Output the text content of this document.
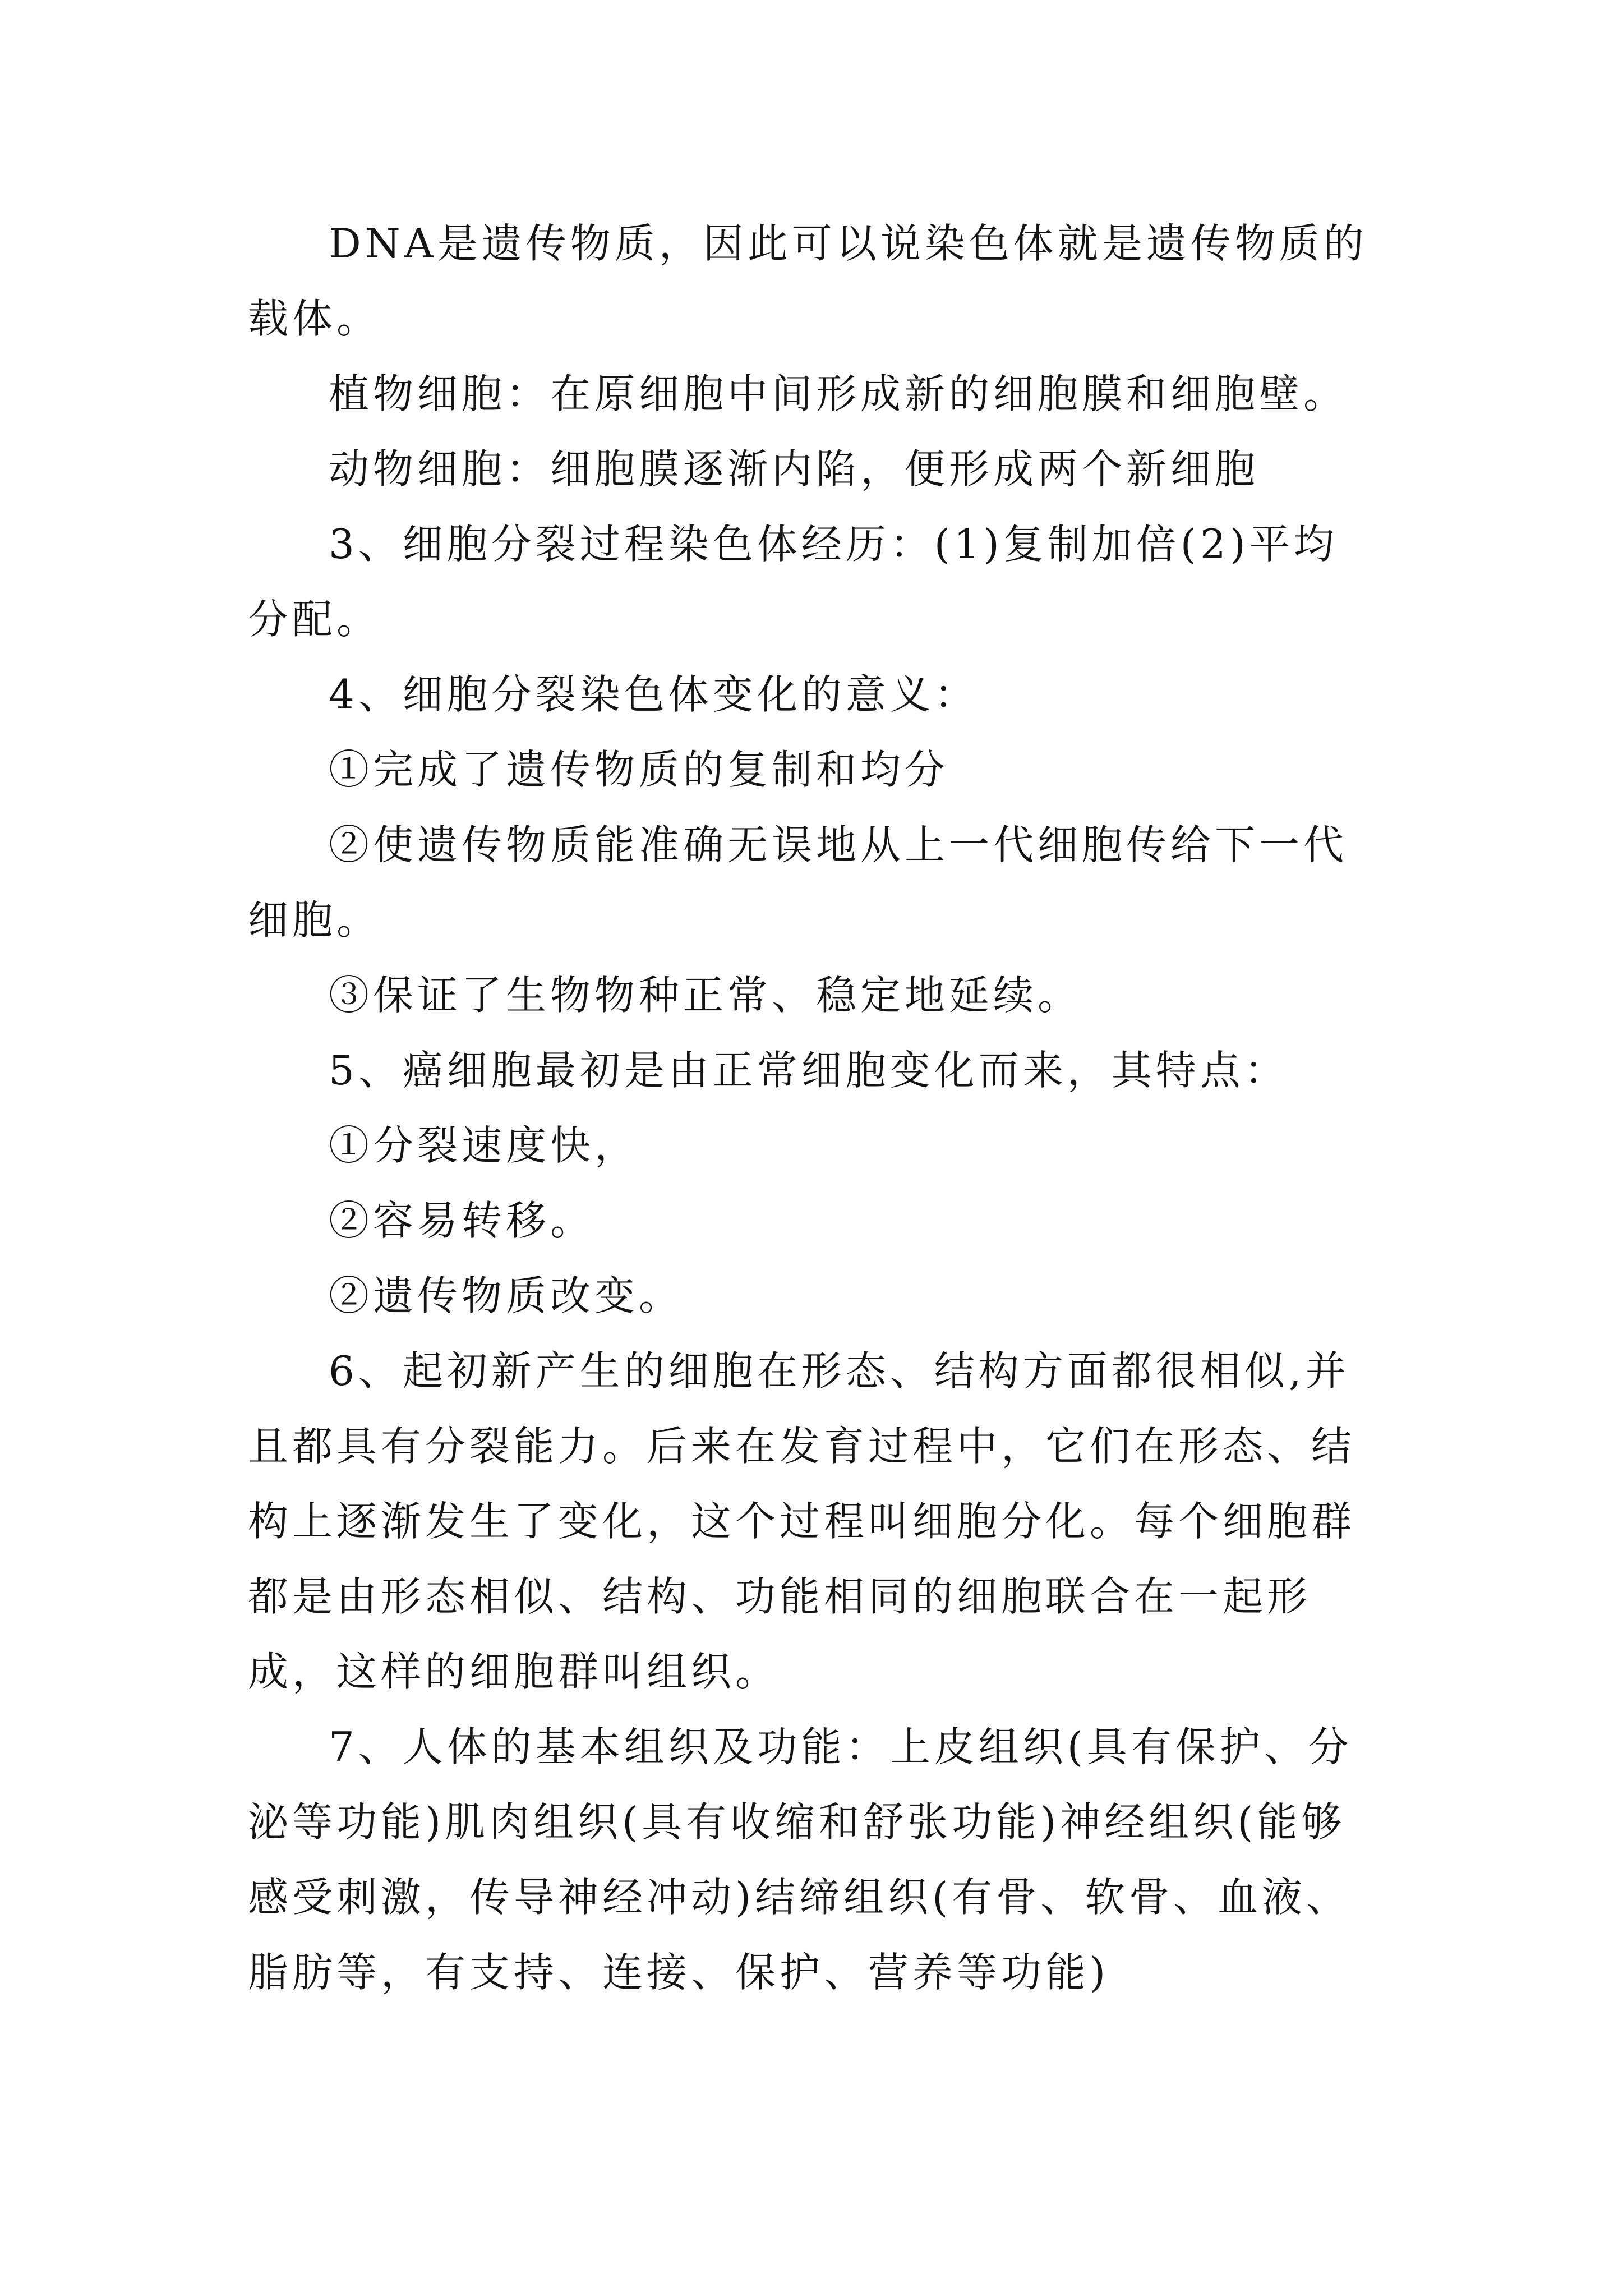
DNA是遗传物质，因此可以说染色体就是遗传物质的载体。

植物细胞：在原细胞中间形成新的细胞膜和细胞壁。

动物细胞：细胞膜逐渐内陷，便形成两个新细胞

3、细胞分裂过程染色体经历：(1)复制加倍(2)平均分配。

4、细胞分裂染色体变化的意义：

①完成了遗传物质的复制和均分

②使遗传物质能准确无误地从上一代细胞传给下一代细胞。

③保证了生物物种正常、稳定地延续。

5、癌细胞最初是由正常细胞变化而来，其特点：

①分裂速度快，

②容易转移。

②遗传物质改变。

6、起初新产生的细胞在形态、结构方面都很相似,并且都具有分裂能力。后来在发育过程中，它们在形态、结构上逐渐发生了变化，这个过程叫细胞分化。每个细胞群都是由形态相似、结构、功能相同的细胞联合在一起形成，这样的细胞群叫组织。

7、人体的基本组织及功能：上皮组织(具有保护、分泌等功能)肌肉组织(具有收缩和舒张功能)神经组织(能够感受刺激，传导神经冲动)结缔组织(有骨、软骨、血液、脂肪等，有支持、连接、保护、营养等功能)
